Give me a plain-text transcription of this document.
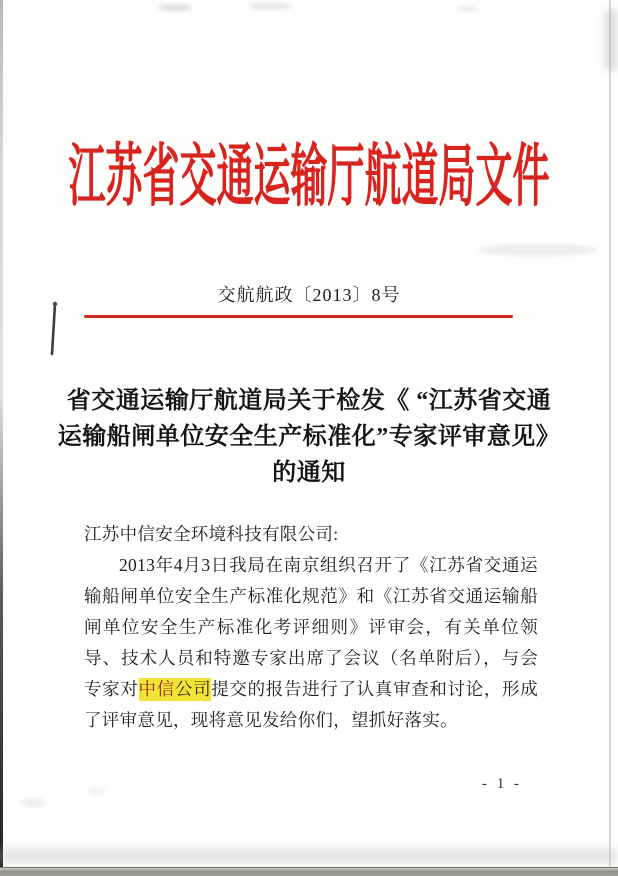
江苏省交通运输厅航道局文件
交航航政〔2013〕8号
省交通运输厅航道局关于检发《 “江苏省交通
运输船闸单位安全生产标准化”专家评审意见》
的通知
江苏中信安全环境科技有限公司:
2013年4月3日我局在南京组织召开了《江苏省交通运输船闸单位安全生产标准化规范》和《江苏省交通运输船闸单位安全生产标准化考评细则》评审会，有关单位领导、技术人员和特邀专家出席了会议（名单附后），与会专家对中信公司提交的报告进行了认真审查和讨论，形成了评审意见，现将意见发给你们，望抓好落实。
- 1 -
